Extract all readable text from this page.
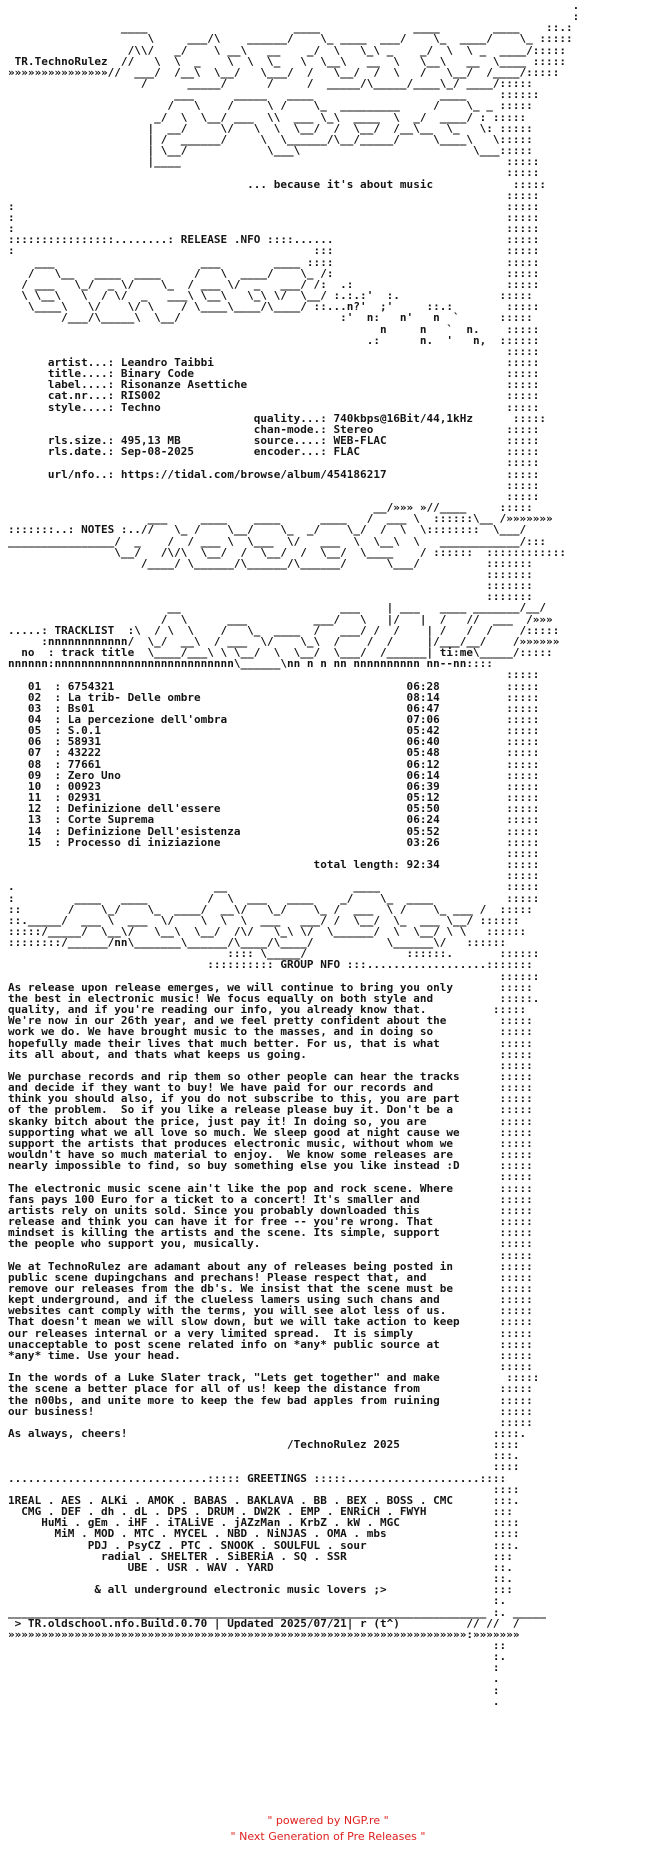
.
:
____                      ____              ____        ____    ::.:
\     ___/\    ______/    \_ ____  ___/    \_  ____/    \_ :::::
/\\/   _/    \ __\   __    _/  \   \_\ _    _/  \  \ _  ____/:::::
TR.TechnoRulez  //   \  \  _    \  \  \_   \  \__\   __  \   \__\   __  \____ :::::
»»»»»»»»»»»»»»»//  ___/  /__\  \__/   \___/  /   \__/  /  \   /   \__/  /____/:::::
/      _____/      /     /  _____/\_____/____\_/ ____/:::::
___      _____   ____                   ____     ::::::
/   \    /     \ /    \_  _________     /    \_ _ :::::
_/  \  \__/ ___  \\  ___ \_\  ____  \  _/  ____/ : :::::
|  __/     \/   \  \  \__/  /  \__/  /__\__  \_   \: :::::
| /  ______/     \  \______/\__/_____/     \____\   \:::::
| \__/            \___\                          \___:::::
|____                                                 :::::
:::::
... because it's about music            :::::
:::::
:                                                                          :::::
:                                                                          :::::
:                                                                          :::::
::::::::::::::::........: RELEASE .NFO ::::......                          :::::
:                                             :::                          :::::
___                      ___        ____ ::::                          :::::
/   \__   ____  ____     /   \  ____/    \_ /:                          :::::
/ ___   \_/  _ \/    \_  / ___ \/  _   ___/ /:  .:                       :::::
\ \__\   \  / \/  _   ___\ \__\   \_\ \/  \__/ :.:.:'  :.               :::::
\____\   \/    \/ \    / \____\____/\____/ ::...n?'  ;'     ::.:        :::::
/___/\_____\  \__/                        :'  n:   n'   n  `      :::::
n     n   `  n.    :::::
.:      n.  '   n,  ::::::
:::::
artist...: Leandro Taibbi                                            :::::
title....: Binary Code                                               :::::
label....: Risonanze Asettiche                                       :::::
cat.nr...: RIS002                                                    :::::
style....: Techno                                                    :::::
quality...: 740kbps@16Bit/44,1kHz      :::::
chan-mode.: Stereo                    :::::
rls.size.: 495,13 MB           source....: WEB-FLAC                  :::::
rls.date.: Sep-08-2025         encoder...: FLAC                      :::::
:::::
url/nfo..: https://tidal.com/browse/album/454186217                  :::::
:::::
:::::
__/»»» »//____     :::::
___     ____    ____      ____   /  ___ \  ::::::\__ /»»»»»»»
:::::::..: NOTES :..//   \_ /    \__/    \_  _/    \_/  /  \  \::::::::  \___/
________________/  _    /  / ___ \  \___  \/   ___  \  \__\  \   ____________/:::
\__/   /\/\  \__/  /  \__/  /  \__/  \____    / ::::::  ::::::::::::
/____/ \______/\______/\______/      \___/          :::::::
:::::::
:::::::
:::::::
__                        ___    | ___   ____ _______/__/
/  \      ___          ___/   \   |/   |  /   //  ___  /»»»
.....: TRACKLIST  :\  / \  \    /   \_  ____  /   ___/ /  /    | /   /  /    /:::::
:nnnnnnnnnnnn/  \_/  __\  / ___  \/    \_\  /    /  /     |/___/__/    /»»»»»»
no  : track title  \____/___\ \ \__/  \  \__/  \___/  /______| ti:me\_____/:::::
nnnnnn:nnnnnnnnnnnnnnnnnnnnnnnnnnn\______\nn n n nn nnnnnnnnnn nn--nn::::
:::::
01  : 6754321                                            06:28          :::::
02  : La trib- Delle ombre                               08:14          :::::
03  : Bs01                                               06:47          :::::
04  : La percezione dell'ombra                           07:06          :::::
05  : S.0.1                                              05:42          :::::
06  : 58931                                              06:40          :::::
07  : 43222                                              05:48          :::::
08  : 77661                                              06:12          :::::
09  : Zero Uno                                           06:14          :::::
10  : 00923                                              06:39          :::::
11  : 02931                                              05:12          :::::
12  : Definizione dell'essere                            05:50          :::::
13  : Corte Suprema                                      06:24          :::::
14  : Definizione Dell'esistenza                         05:52          :::::
15  : Processo di iniziazione                            03:26          :::::
:::::
total length: 92:34          :::::
:::::
.                              __                   ____                   :::::
:         ____   ____         /  \  ___   ____    _/    \_  ____           :::::
::       /    \_/    \_  ____/  __\/   \_/    \_ /  ___  \ /    \_ ___ /  :::::
::._____/  ___ \  ___  \/    \  \  \  ___   ___/ /  \__/  \_  ___ \__/ ::::::
:::::/_____/  \__\/   \__\  \__/  /\/   \_\ \/  \______/  \  \__/ \ \   ::::::
::::::::/______/nn\_______\______/\____/\____/           \______\/   ::::::
:::: \_____/               ::::::.       ::::::
:::::::::: GROUP NFO :::..................:::::::
::::::
As release upon release emerges, we will continue to bring you only       :::::
the best in electronic music! We focus equally on both style and          :::::.
quality, and if you're reading our info, you already know that.          :::::
We're now in our 26th year, and we feel pretty confident about the        :::::
work we do. We have brought music to the masses, and in doing so          :::::
hopefully made their lives that much better. For us, that is what         :::::
its all about, and thats what keeps us going.                             :::::
:::::
We purchase records and rip them so other people can hear the tracks      :::::
and decide if they want to buy! We have paid for our records and          :::::
think you should also, if you do not subscribe to this, you are part      :::::
of the problem.  So if you like a release please buy it. Don't be a       :::::
skanky bitch about the price, just pay it! In doing so, you are           :::::
supporting what we all love so much. We sleep good at night cause we      :::::
support the artists that produces electronic music, without whom we       :::::
wouldn't have so much material to enjoy.  We know some releases are       :::::
nearly impossible to find, so buy something else you like instead :D      :::::
:::::
The electronic music scene ain't like the pop and rock scene. Where       :::::
fans pays 100 Euro for a ticket to a concert! It's smaller and            :::::
artists rely on units sold. Since you probably downloaded this            :::::
release and think you can have it for free -- you're wrong. That          :::::
mindset is killing the artists and the scene. Its simple, support         :::::
the people who support you, musically.                                    :::::
:::::
We at TechnoRulez are adamant about any of releases being posted in       :::::
public scene dupingchans and prechans! Please respect that, and           :::::
remove our releases from the db's. We insist that the scene must be       :::::
kept underground, and if the clueless lamers using such chans and         :::::
websites cant comply with the terms, you will see alot less of us.        :::::
That doesn't mean we will slow down, but we will take action to keep      :::::
our releases internal or a very limited spread.  It is simply             :::::
unacceptable to post scene related info on *any* public source at         :::::
*any* time. Use your head.                                                :::::
:::::
In the words of a Luke Slater track, "Lets get together" and make          :::::
the scene a better place for all of us! keep the distance from            :::::
the n00bs, and unite more to keep the few bad apples from ruining         :::::
our business!                                                             :::::
:::::
As always, cheers!                                                       ::::.
/TechnoRulez 2025              ::::
:::.
::::
..............................::::: GREETINGS :::::....................::::
::::
1REAL . AES . ALKi . AMOK . BABAS . BAKLAVA . BB . BEX . BOSS . CMC      :::.
CMG . DEF . dh . dL . DPS . DRUM . DW2K . EMP . ENRiCH . FWYH          :::
HuMi . gEm . iHF . iTALiVE . jAZzMan . KrbZ . kW . MGC              ::::
MiM . MOD . MTC . MYCEL . NBD . NiNJAS . OMA . mbs                ::::
PDJ . PsyCZ . PTC . SNOOK . SOULFUL . sour                   :::.
radial . SHELTER . SiBERiA . SQ . SSR                      :::
UBE . USR . WAV . YARD                                 ::.
::.
& all underground electronic music lovers ;>                :::
:.
________________________________________________________________________ :. _____
> TR.oldschool.nfo.Build.0.70 | Updated 2025/07/21| r (t^)          // //  /
»»»»»»»»»»»»»»»»»»»»»»»»»»»»»»»»»»»»»»»»»»»»»»»»»»»»»»»»»»»»»»»»»»»»»:»»»»»»»
::
:.
:
.
:
.
" powered by NGP.re "
" Next Generation of Pre Releases "
